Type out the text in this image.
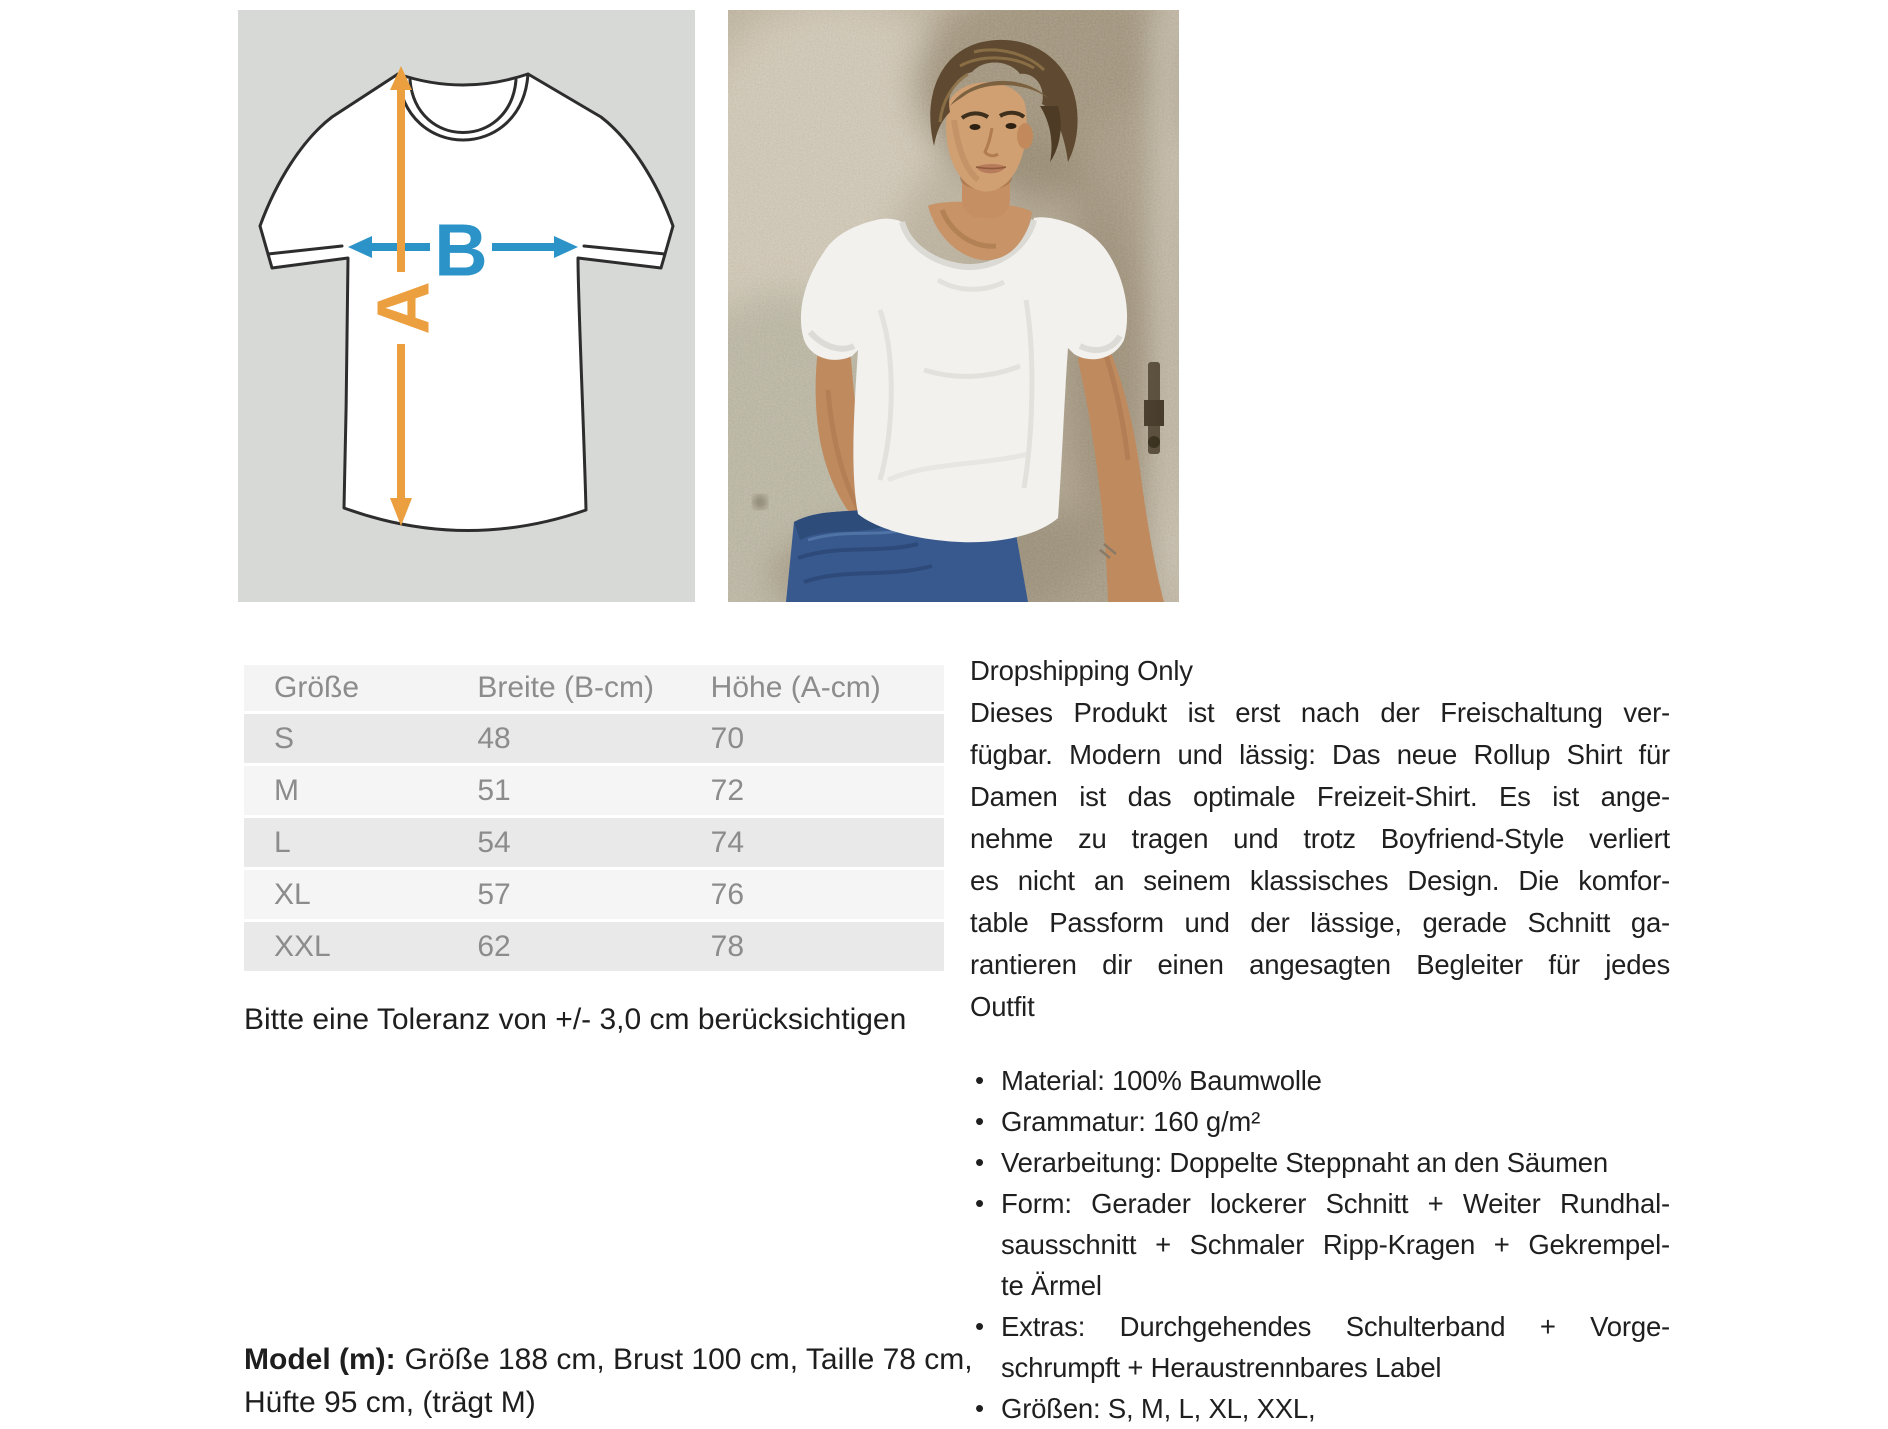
B
A
Größe	Breite (B-cm)	Höhe (A-cm)
S	48	70
M	51	72
L	54	74
XL	57	76
XXL	62	78
Bitte eine Toleranz von +/- 3,0 cm berücksichtigen
Model (m): Größe 188 cm, Brust 100 cm, Taille 78 cm,
Hüfte 95 cm, (trägt M)
Dropshipping Only
Dieses Produkt ist erst nach der Freischaltung ver-
fügbar. Modern und lässig: Das neue Rollup Shirt für
Damen ist das optimale Freizeit-Shirt. Es ist ange-
nehme zu tragen und trotz Boyfriend-Style verliert
es nicht an seinem klassisches Design. Die komfor-
table Passform und der lässige, gerade Schnitt ga-
rantieren dir einen angesagten Begleiter für jedes
Outfit
• Material: 100% Baumwolle
• Grammatur: 160 g/m²
• Verarbeitung: Doppelte Steppnaht an den Säumen
• Form: Gerader lockerer Schnitt + Weiter Rundhal-
sausschnitt + Schmaler Ripp-Kragen + Gekrempel-
te Ärmel
• Extras: Durchgehendes Schulterband + Vorge-
schrumpft + Heraustrennbares Label
• Größen: S, M, L, XL, XXL,
